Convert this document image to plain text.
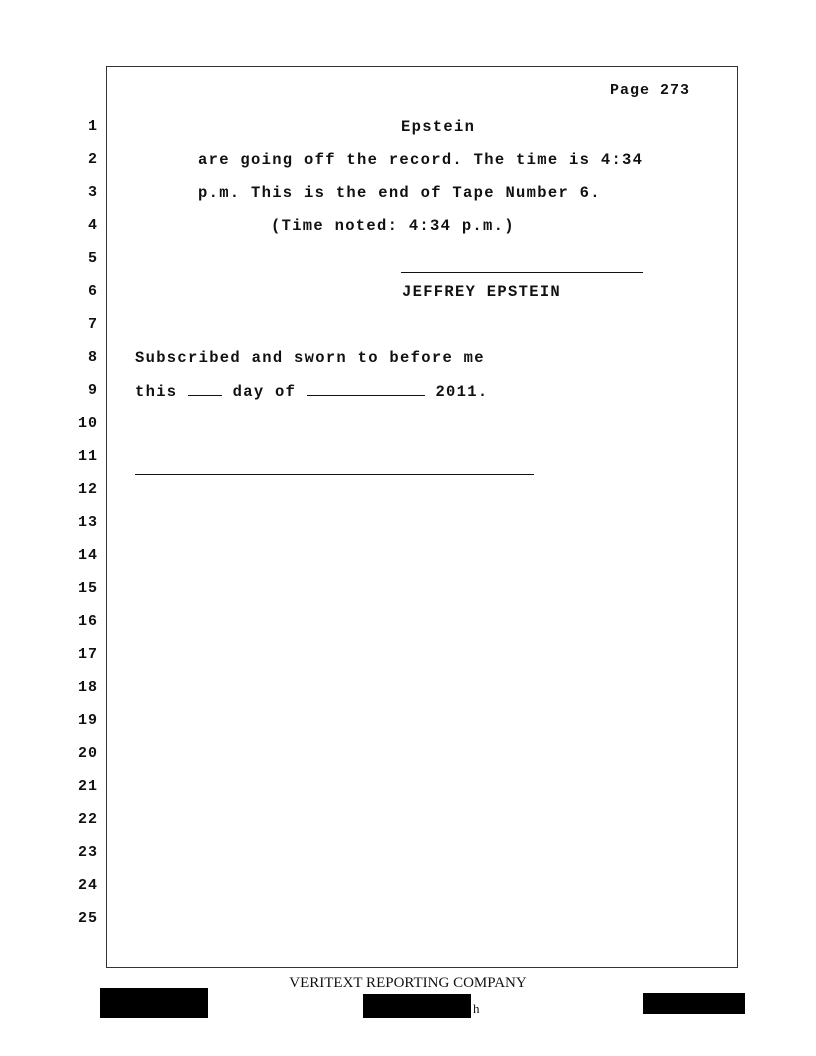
Page 273
1
2
3
4
5
6
7
8
9
10
11
12
13
14
15
16
17
18
19
20
21
22
23
24
25
Epstein
are going off the record. The time is 4:34
p.m. This is the end of Tape Number 6.
(Time noted: 4:34 p.m.)
JEFFREY EPSTEIN
Subscribed and sworn to before me
this	day of	2011.
VERITEXT REPORTING COMPANY
h
